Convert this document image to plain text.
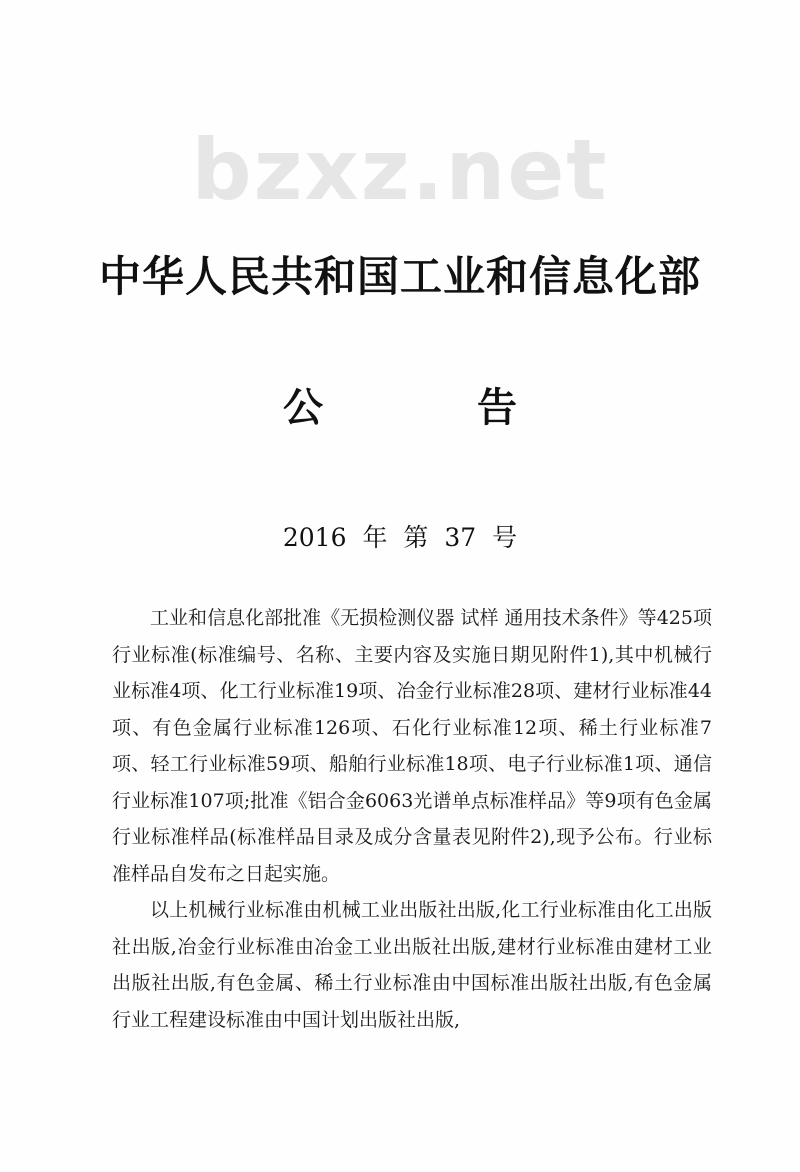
bzxz.net
中华人民共和国工业和信息化部
公 告
2016 年 第 37 号

工业和信息化部批准《无损检测仪器 试样 通用技术条件》等425项行业标准(标准编号、名称、主要内容及实施日期见附件1),其中机械行业标准4项、化工行业标准19项、冶金行业标准28项、建材行业标准44项、有色金属行业标准126项、石化行业标准12项、稀土行业标准7项、轻工行业标准59项、船舶行业标准18项、电子行业标准1项、通信行业标准107项;批准《铝合金6063光谱单点标准样品》等9项有色金属行业标准样品(标准样品目录及成分含量表见附件2),现予公布。行业标准样品自发布之日起实施。

以上机械行业标准由机械工业出版社出版,化工行业标准由化工出版社出版,冶金行业标准由冶金工业出版社出版,建材行业标准由建材工业出版社出版,有色金属、稀土行业标准由中国标准出版社出版,有色金属行业工程建设标准由中国计划出版社出版,
